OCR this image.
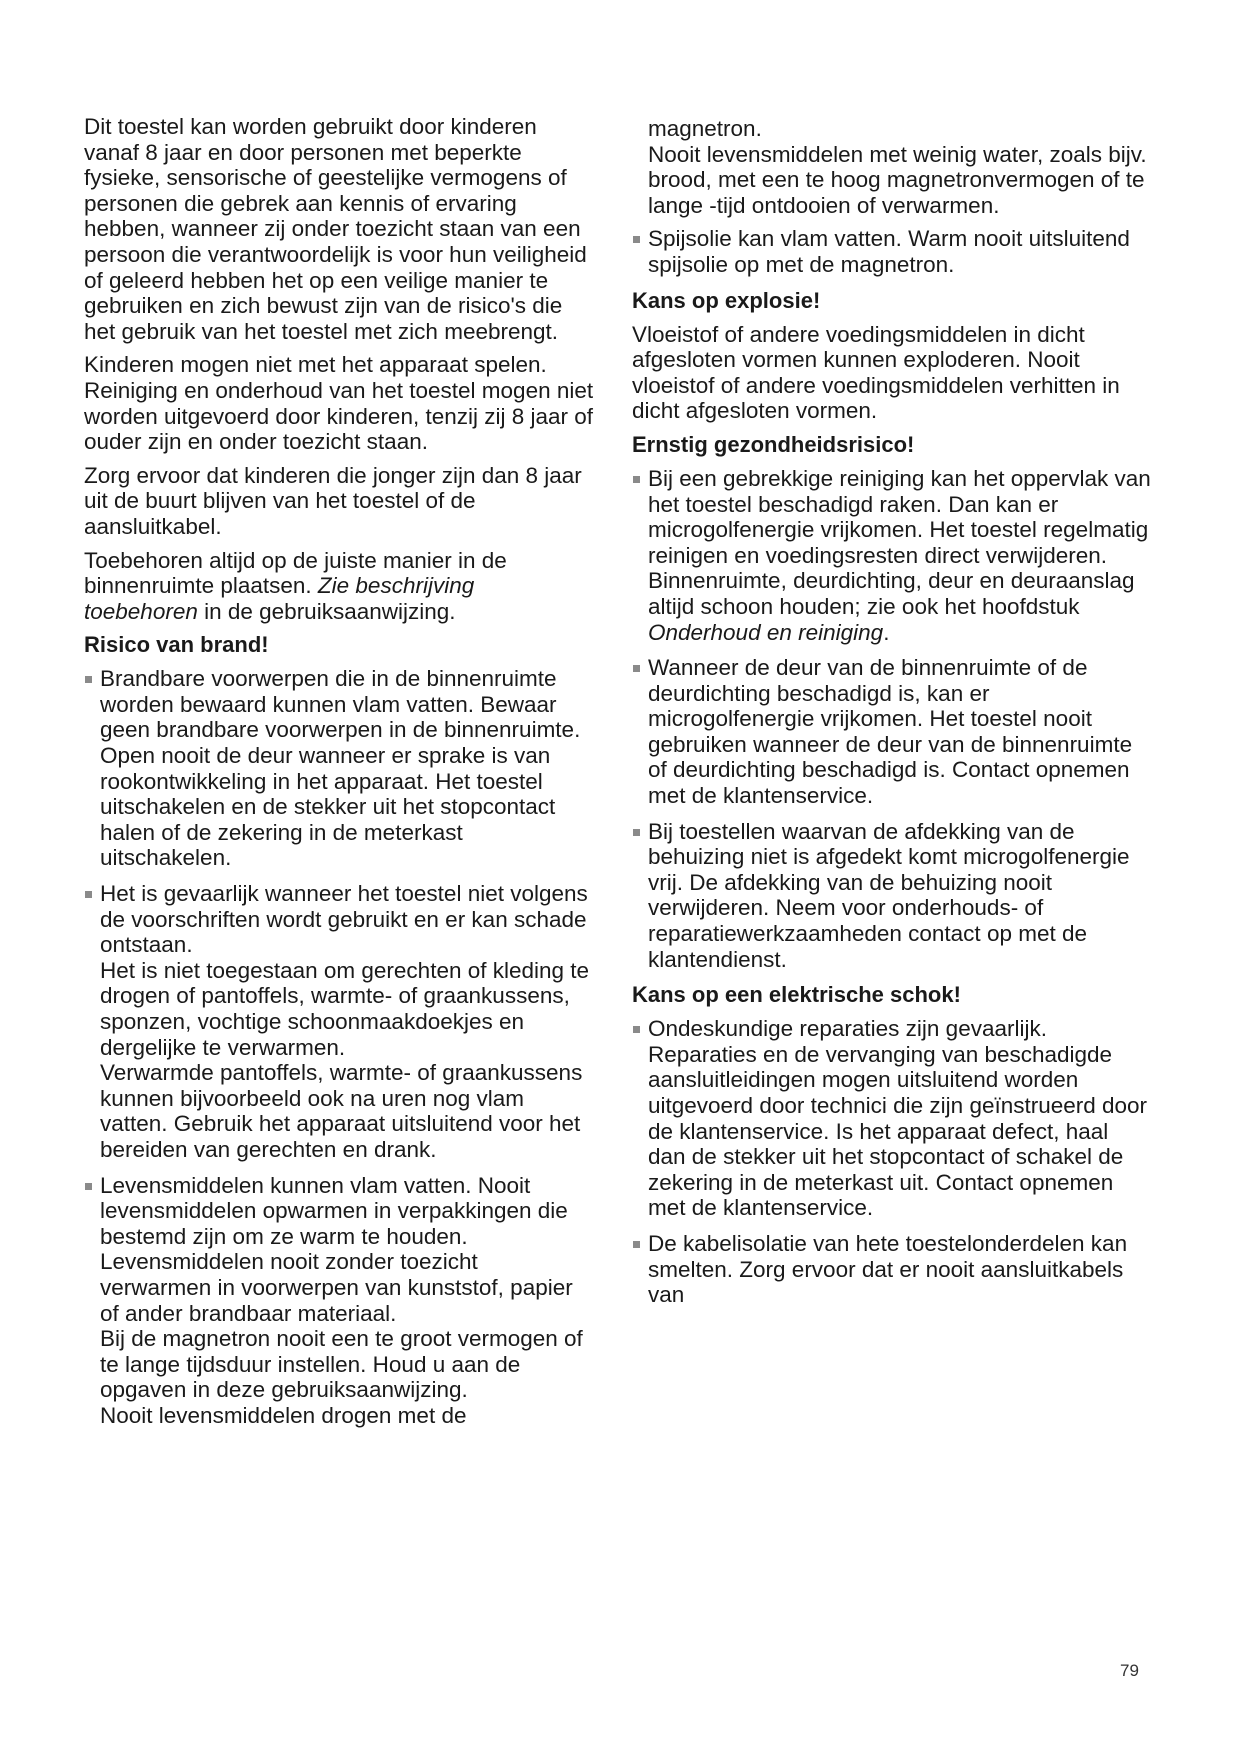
Dit toestel kan worden gebruikt door kinderen vanaf 8 jaar en door personen met beperkte fysieke, sensorische of geestelijke vermogens of personen die gebrek aan kennis of ervaring hebben, wanneer zij onder toezicht staan van een persoon die verantwoordelijk is voor hun veiligheid of geleerd hebben het op een veilige manier te gebruiken en zich bewust zijn van de risico's die het gebruik van het toestel met zich meebrengt.

Kinderen mogen niet met het apparaat spelen. Reiniging en onderhoud van het toestel mogen niet worden uitgevoerd door kinderen, tenzij zij 8 jaar of ouder zijn en onder toezicht staan.

Zorg ervoor dat kinderen die jonger zijn dan 8 jaar uit de buurt blijven van het toestel of de aansluitkabel.

Toebehoren altijd op de juiste manier in de binnenruimte plaatsen. Zie beschrijving toebehoren in de gebruiksaanwijzing.

Risico van brand!
Brandbare voorwerpen die in de binnenruimte worden bewaard kunnen vlam vatten. Bewaar geen brandbare voorwerpen in de binnenruimte. Open nooit de deur wanneer er sprake is van rookontwikkeling in het apparaat. Het toestel uitschakelen en de stekker uit het stopcontact halen of de zekering in de meterkast uitschakelen.
Het is gevaarlijk wanneer het toestel niet volgens de voorschriften wordt gebruikt en er kan schade ontstaan.
Het is niet toegestaan om gerechten of kleding te drogen of pantoffels, warmte- of graankussens, sponzen, vochtige schoonmaakdoekjes en dergelijke te verwarmen.
Verwarmde pantoffels, warmte- of graankussens kunnen bijvoorbeeld ook na uren nog vlam vatten. Gebruik het apparaat uitsluitend voor het bereiden van gerechten en drank.
Levensmiddelen kunnen vlam vatten. Nooit levensmiddelen opwarmen in verpakkingen die bestemd zijn om ze warm te houden.
Levensmiddelen nooit zonder toezicht verwarmen in voorwerpen van kunststof, papier of ander brandbaar materiaal.
Bij de magnetron nooit een te groot vermogen of te lange tijdsduur instellen. Houd u aan de opgaven in deze gebruiksaanwijzing.
Nooit levensmiddelen drogen met de
magnetron.
Nooit levensmiddelen met weinig water, zoals bijv. brood, met een te hoog magnetronvermogen of te lange -tijd ontdooien of verwarmen.
Spijsolie kan vlam vatten. Warm nooit uitsluitend spijsolie op met de magnetron.
Kans op explosie!

Vloeistof of andere voedingsmiddelen in dicht afgesloten vormen kunnen exploderen. Nooit vloeistof of andere voedingsmiddelen verhitten in dicht afgesloten vormen.

Ernstig gezondheidsrisico!
Bij een gebrekkige reiniging kan het oppervlak van het toestel beschadigd raken. Dan kan er microgolfenergie vrijkomen. Het toestel regelmatig reinigen en voedingsresten direct verwijderen. Binnenruimte, deurdichting, deur en deuraanslag altijd schoon houden; zie ook het hoofdstuk Onderhoud en reiniging.
Wanneer de deur van de binnenruimte of de deurdichting beschadigd is, kan er microgolfenergie vrijkomen. Het toestel nooit gebruiken wanneer de deur van de binnenruimte of deurdichting beschadigd is. Contact opnemen met de klantenservice.
Bij toestellen waarvan de afdekking van de behuizing niet is afgedekt komt microgolfenergie vrij. De afdekking van de behuizing nooit verwijderen. Neem voor onderhouds- of reparatiewerkzaamheden contact op met de klantendienst.
Kans op een elektrische schok!
Ondeskundige reparaties zijn gevaarlijk. Reparaties en de vervanging van beschadigde aansluitleidingen mogen uitsluitend worden uitgevoerd door technici die zijn geïnstrueerd door de klantenservice. Is het apparaat defect, haal dan de stekker uit het stopcontact of schakel de zekering in de meterkast uit. Contact opnemen met de klantenservice.
De kabelisolatie van hete toestelonderdelen kan smelten. Zorg ervoor dat er nooit aansluitkabels van
79
